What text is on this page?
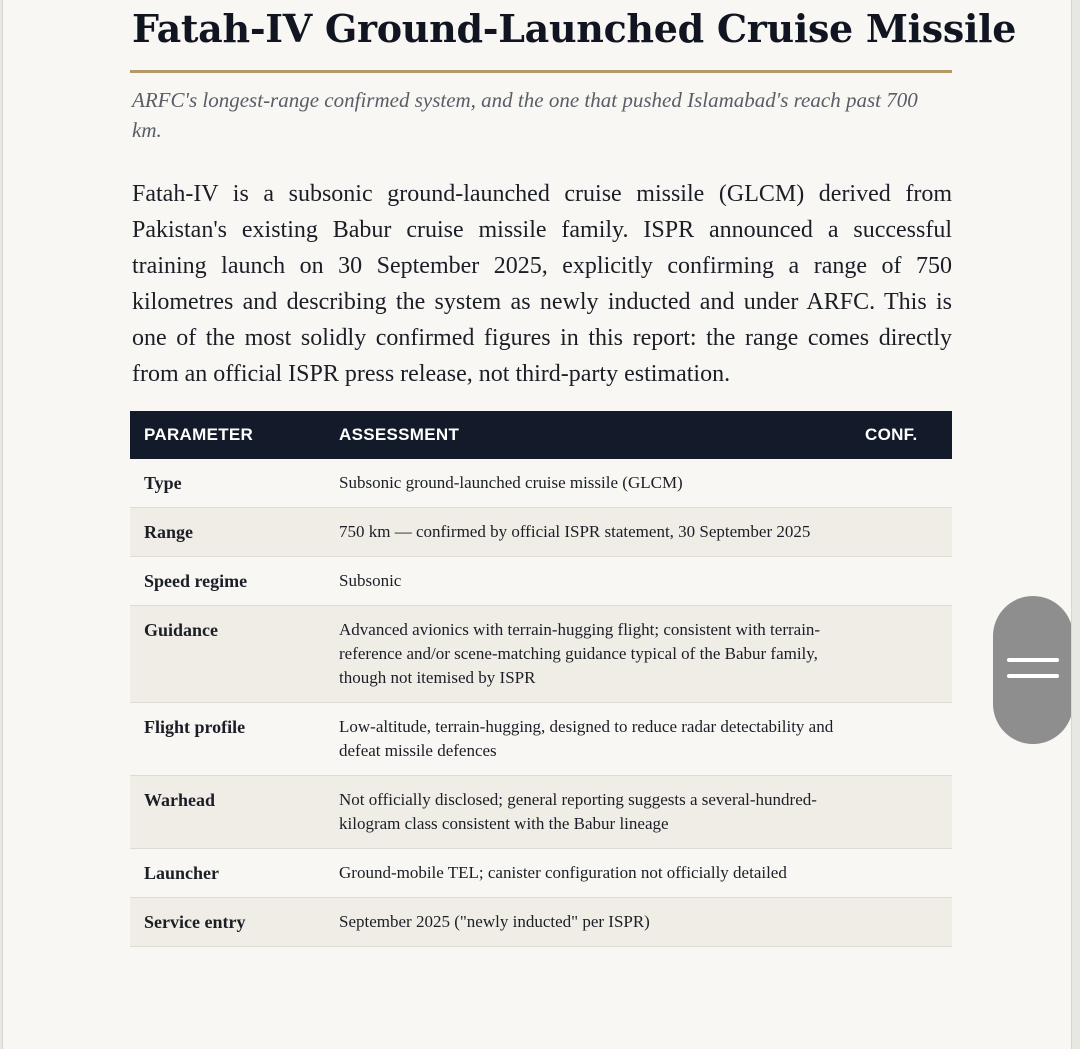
Fatah-IV Ground-Launched Cruise Missile

ARFC's longest-range confirmed system, and the one that pushed Islamabad's reach past 700 km.

Fatah-IV is a subsonic ground-launched cruise missile (GLCM) derived from Pakistan's existing Babur cruise missile family. ISPR announced a successful training launch on 30 September 2025, explicitly confirming a range of 750 kilometres and describing the system as newly inducted and under ARFC. This is one of the most solidly confirmed figures in this report: the range comes directly from an official ISPR press release, not third-party estimation.

PARAMETER	ASSESSMENT	CONF.
Type	Subsonic ground-launched cruise missile (GLCM)	
Range	750 km — confirmed by official ISPR statement, 30 September 2025	
Speed regime	Subsonic	
Guidance	Advanced avionics with terrain-hugging flight; consistent with terrain-reference and/or scene-matching guidance typical of the Babur family, though not itemised by ISPR	
Flight profile	Low-altitude, terrain-hugging, designed to reduce radar detectability and defeat missile defences	
Warhead	Not officially disclosed; general reporting suggests a several-hundred-kilogram class consistent with the Babur lineage	
Launcher	Ground-mobile TEL; canister configuration not officially detailed	
Service entry	September 2025 ("newly inducted" per ISPR)	
